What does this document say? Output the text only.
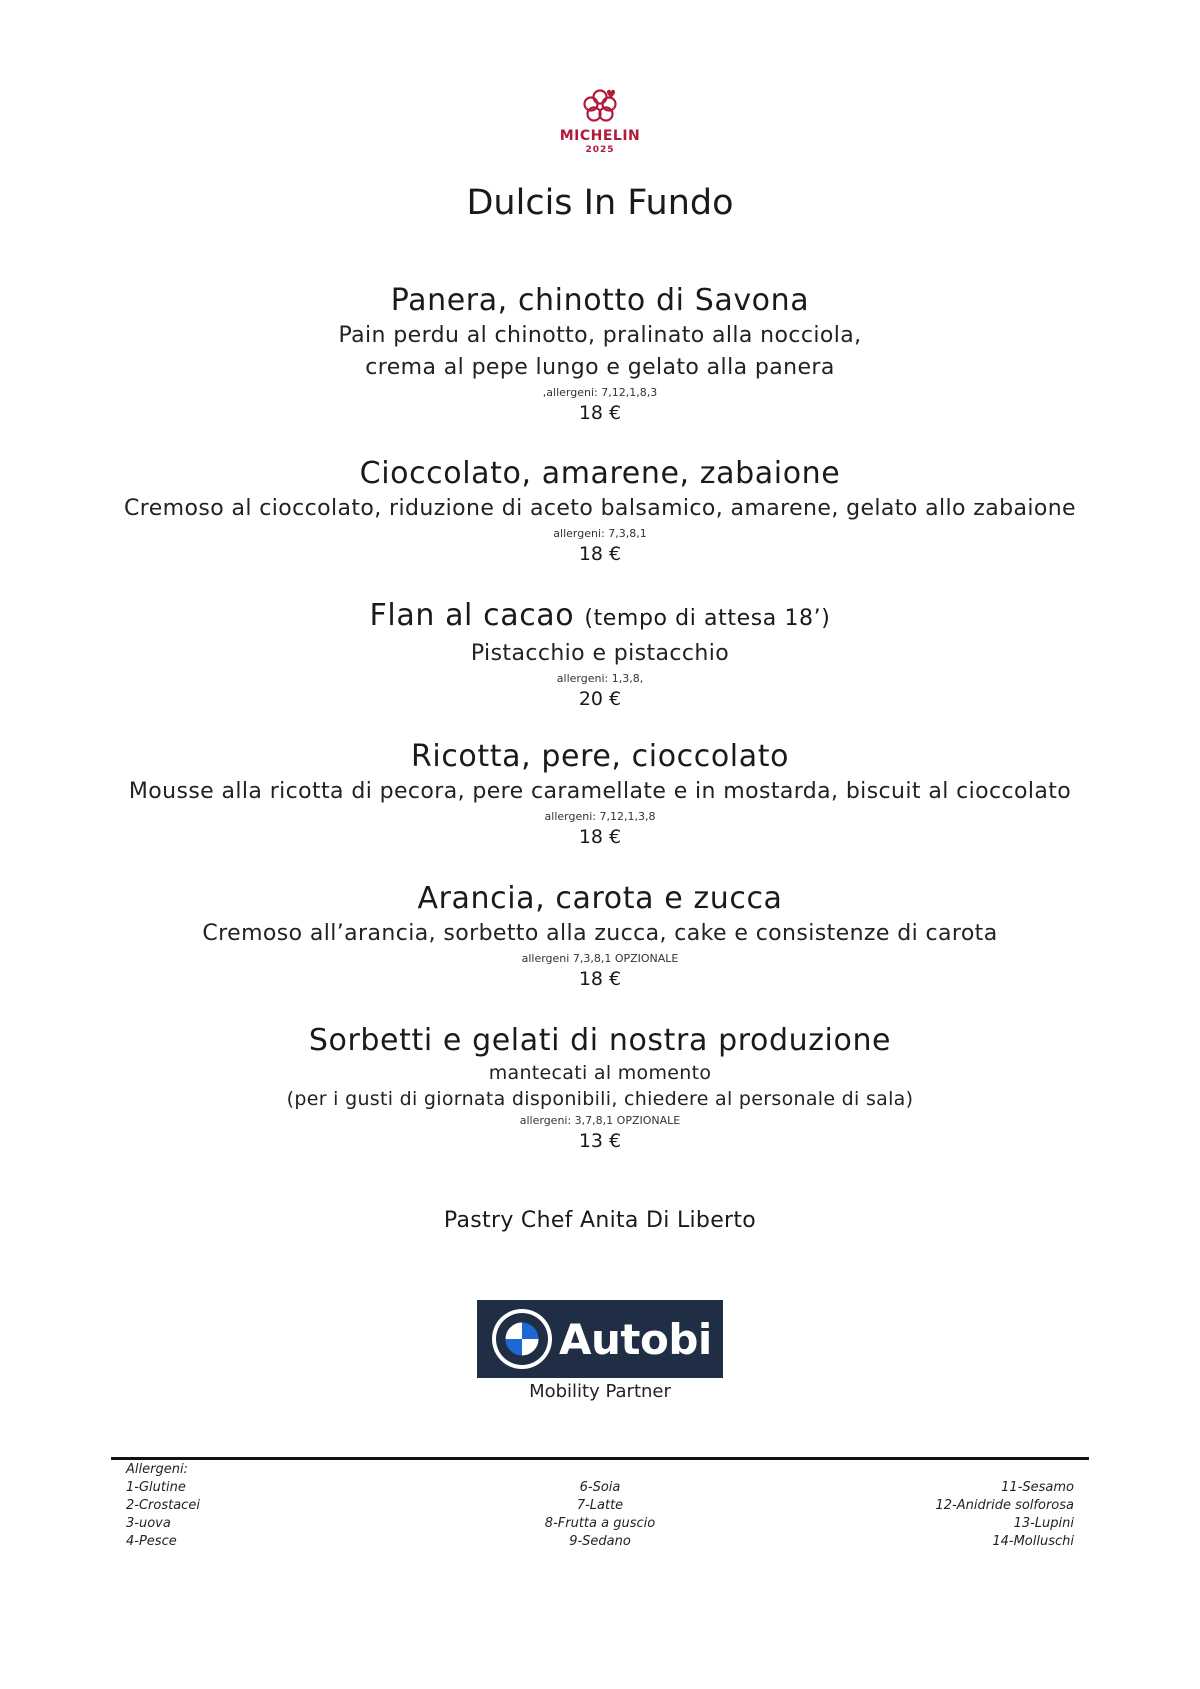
MICHELIN
2025
Dulcis In Fundo
Panera, chinotto di Savona
Pain perdu al chinotto, pralinato alla nocciola,
crema al pepe lungo e gelato alla panera
,allergeni: 7,12,1,8,3
18 €
Cioccolato, amarene, zabaione
Cremoso al cioccolato, riduzione di aceto balsamico, amarene, gelato allo zabaione
allergeni: 7,3,8,1
18 €
Flan al cacao (tempo di attesa 18’)
Pistacchio e pistacchio
allergeni: 1,3,8,
20 €
Ricotta, pere, cioccolato
Mousse alla ricotta di pecora, pere caramellate e in mostarda, biscuit al cioccolato
allergeni: 7,12,1,3,8
18 €
Arancia, carota e zucca
Cremoso all’arancia, sorbetto alla zucca, cake e consistenze di carota
allergeni 7,3,8,1 OPZIONALE
18 €
Sorbetti e gelati di nostra produzione
mantecati al momento
(per i gusti di giornata disponibili, chiedere al personale di sala)
allergeni: 3,7,8,1 OPZIONALE
13 €
Pastry Chef Anita Di Liberto
Autobi
Mobility Partner
Allergeni:
1-Glutine
2-Crostacei
3-uova
4-Pesce
6-Soia
7-Latte
8-Frutta a guscio
9-Sedano
11-Sesamo
12-Anidride solforosa
13-Lupini
14-Molluschi
